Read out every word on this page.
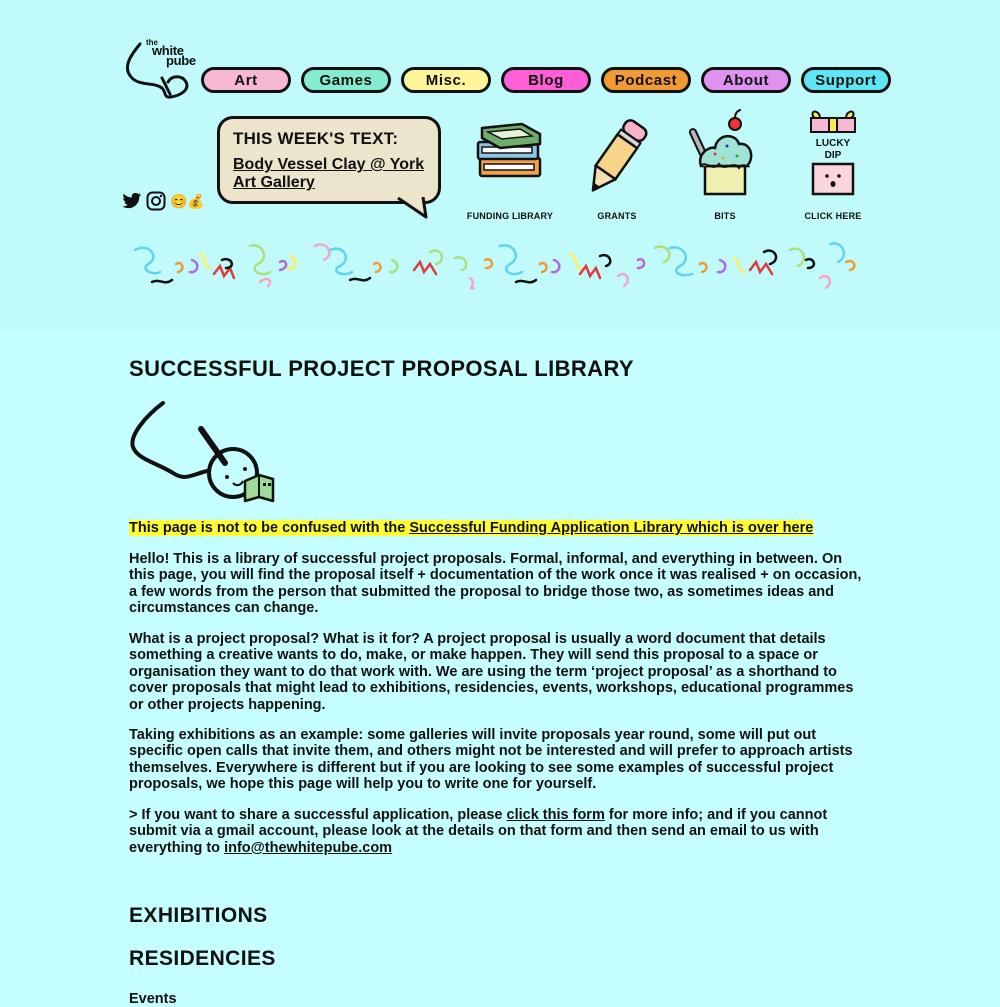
the
white
pube
Art	Games	Misc.	Blog	Podcast	About	Support
😊💰
THIS WEEK'S TEXT:
Body Vessel Clay @ York Art Gallery
FUNDING LIBRARY	GRANTS	BITS
LUCKY
DIP
CLICK HERE
SUCCESSFUL PROJECT PROPOSAL LIBRARY
This page is not to be confused with the Successful Funding Application Library which is over here

Hello! This is a library of successful project proposals. Formal, informal, and everything in between. On this page, you will find the proposal itself + documentation of the work once it was realised + on occasion, a few words from the person that submitted the proposal to bridge those two, as sometimes ideas and circumstances can change.

What is a project proposal? What is it for? A project proposal is usually a word document that details something a creative wants to do, make, or make happen. They will send this proposal to a space or organisation they want to do that work with. We are using the term ‘project proposal’ as a shorthand to cover proposals that might lead to exhibitions, residencies, events, workshops, educational programmes or other projects happening.

Taking exhibitions as an example: some galleries will invite proposals year round, some will put out specific open calls that invite them, and others might not be interested and will prefer to approach artists themselves. Everywhere is different but if you are looking to see some examples of successful project proposals, we hope this page will help you to write one for yourself.

> If you want to share a successful application, please click this form for more info; and if you cannot submit via a gmail account, please look at the details on that form and then send an email to us with everything to info@thewhitepube.com

EXHIBITIONS
RESIDENCIES
Events
